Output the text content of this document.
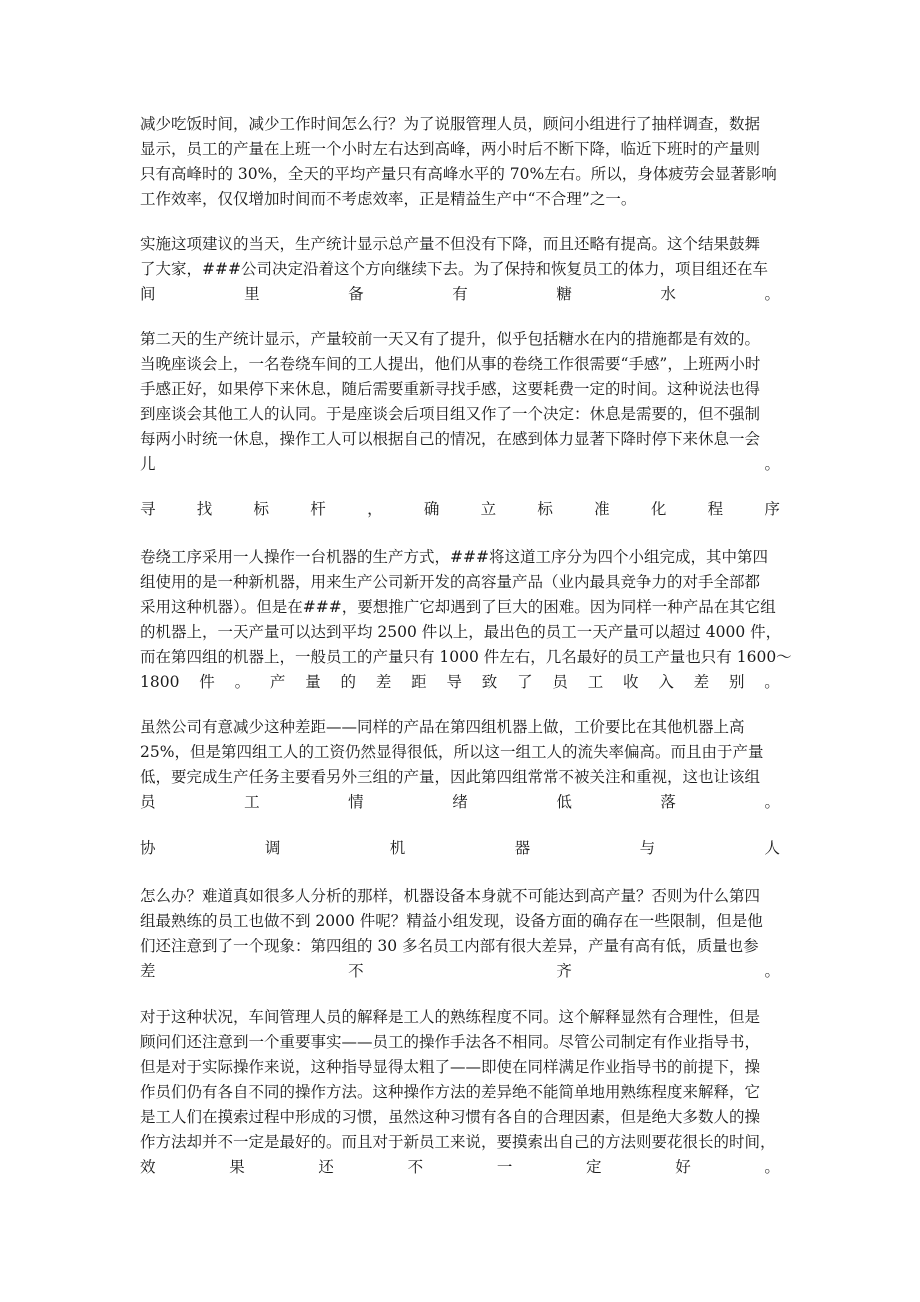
减少吃饭时间，减少工作时间怎么行？为了说服管理人员，顾问小组进行了抽样调查，数据
显示，员工的产量在上班一个小时左右达到高峰，两小时后不断下降，临近下班时的产量则
只有高峰时的 30%，全天的平均产量只有高峰水平的 70%左右。所以，身体疲劳会显著影响
工作效率，仅仅增加时间而不考虑效率，正是精益生产中“不合理”之一。
实施这项建议的当天，生产统计显示总产量不但没有下降，而且还略有提高。这个结果鼓舞
了大家，###公司决定沿着这个方向继续下去。为了保持和恢复员工的体力，项目组还在车
间	里	备	有	糖	水	。
第二天的生产统计显示，产量较前一天又有了提升，似乎包括糖水在内的措施都是有效的。
当晚座谈会上，一名卷绕车间的工人提出，他们从事的卷绕工作很需要“手感”，上班两小时
手感正好，如果停下来休息，随后需要重新寻找手感，这要耗费一定的时间。这种说法也得
到座谈会其他工人的认同。于是座谈会后项目组又作了一个决定：休息是需要的，但不强制
每两小时统一休息，操作工人可以根据自己的情况，在感到体力显著下降时停下来休息一会
儿	。
寻	找	标	杆	，	确	立	标	准	化	程	序
卷绕工序采用一人操作一台机器的生产方式，###将这道工序分为四个小组完成，其中第四
组使用的是一种新机器，用来生产公司新开发的高容量产品（业内最具竞争力的对手全部都
采用这种机器）。但是在###，要想推广它却遇到了巨大的困难。因为同样一种产品在其它组
的机器上，一天产量可以达到平均 2500 件以上，最出色的员工一天产量可以超过 4000 件，
而在第四组的机器上，一般员工的产量只有 1000 件左右，几名最好的员工产量也只有 1600～
1800 件 。 产 量 的 差 距 导 致 了 员 工 收 入 差 别 。
虽然公司有意减少这种差距——同样的产品在第四组机器上做，工价要比在其他机器上高
25%，但是第四组工人的工资仍然显得很低，所以这一组工人的流失率偏高。而且由于产量
低，要完成生产任务主要看另外三组的产量，因此第四组常常不被关注和重视，这也让该组
员	工	情	绪	低	落	。
协	调	机	器	与	人
怎么办？难道真如很多人分析的那样，机器设备本身就不可能达到高产量？否则为什么第四
组最熟练的员工也做不到 2000 件呢？精益小组发现，设备方面的确存在一些限制，但是他
们还注意到了一个现象：第四组的 30 多名员工内部有很大差异，产量有高有低，质量也参
差	不	齐	。
对于这种状况，车间管理人员的解释是工人的熟练程度不同。这个解释显然有合理性，但是
顾问们还注意到一个重要事实——员工的操作手法各不相同。尽管公司制定有作业指导书，
但是对于实际操作来说，这种指导显得太粗了——即使在同样满足作业指导书的前提下，操
作员们仍有各自不同的操作方法。这种操作方法的差异绝不能简单地用熟练程度来解释，它
是工人们在摸索过程中形成的习惯，虽然这种习惯有各自的合理因素，但是绝大多数人的操
作方法却并不一定是最好的。而且对于新员工来说，要摸索出自己的方法则要花很长的时间，
效	果	还	不	一	定	好	。
